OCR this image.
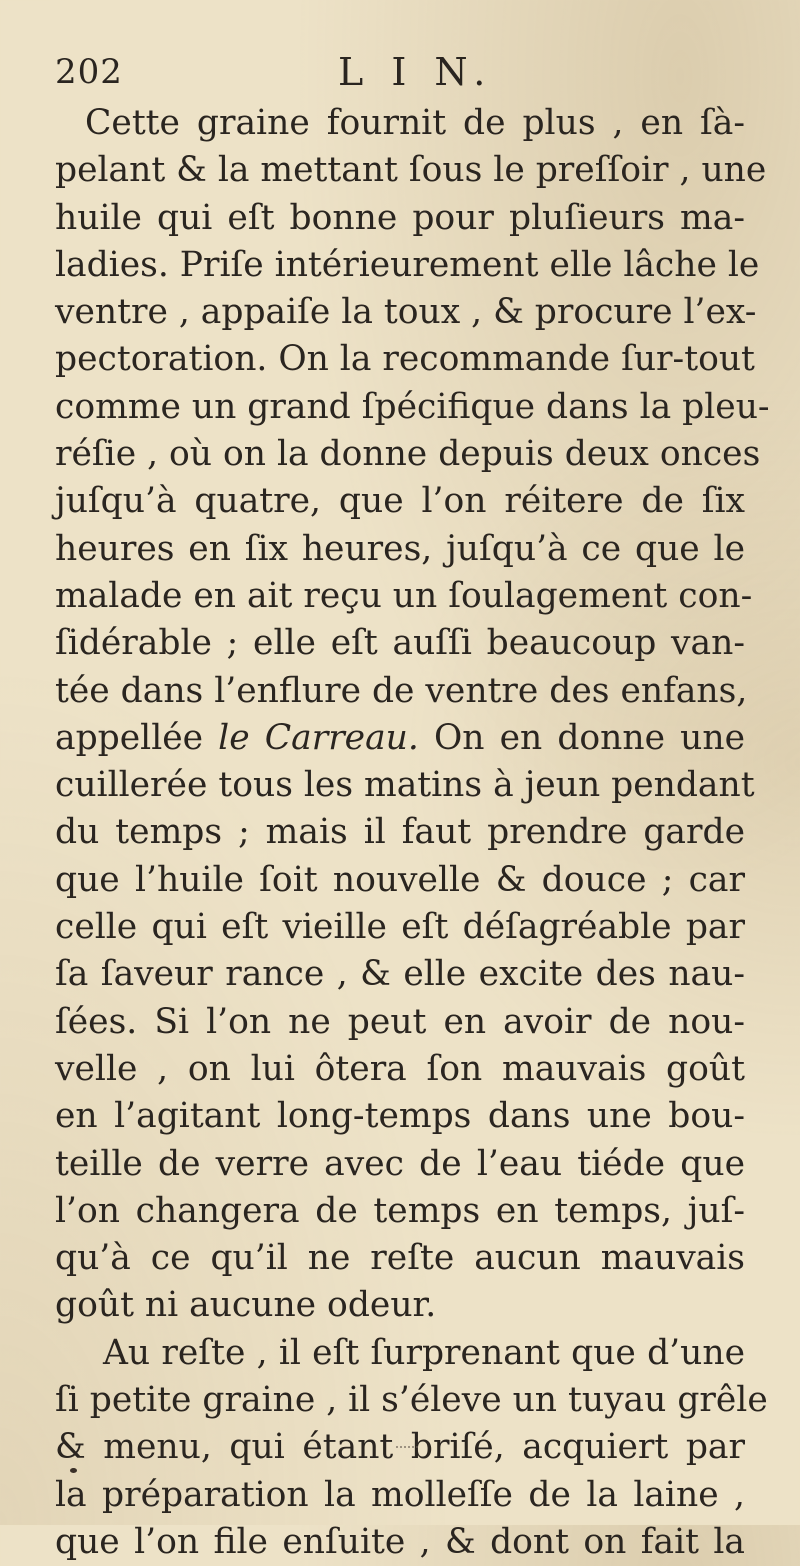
202	L I N.
Cette graine fournit de plus , en ſà-
pelant & la mettant ſous le preſſoir , une
huile qui eſt bonne pour pluſieurs ma-
ladies. Priſe intérieurement elle lâche le
ventre , appaiſe la toux , & procure l’ex-
pectoration. On la recommande ſur-tout
comme un grand ſpécifique dans la pleu-
réſie , où on la donne depuis deux onces
juſqu’à quatre, que l’on réitere de ſix
heures en ſix heures, juſqu’à ce que le
malade en ait reçu un ſoulagement con-
ſidérable ; elle eſt auſſi beaucoup van-
tée dans l’enflure de ventre des enfans,
appellée le Carreau. On en donne une
cuillerée tous les matins à jeun pendant
du temps ; mais il faut prendre garde
que l’huile ſoit nouvelle & douce ; car
celle qui eſt vieille eſt déſagréable par
ſa ſaveur rance , & elle excite des nau-
ſées. Si l’on ne peut en avoir de nou-
velle , on lui ôtera ſon mauvais goût
en l’agitant long-temps dans une bou-
teille de verre avec de l’eau tiéde que
l’on changera de temps en temps, juſ-
qu’à ce qu’il ne reſte aucun mauvais
goût ni aucune odeur.
Au reſte , il eſt ſurprenant que d’une
ſi petite graine , il s’éleve un tuyau grêle
& menu, qui étant briſé, acquiert par
la préparation la molleſſe de la laine ,
que l’on file enſuite , & dont on fait la
